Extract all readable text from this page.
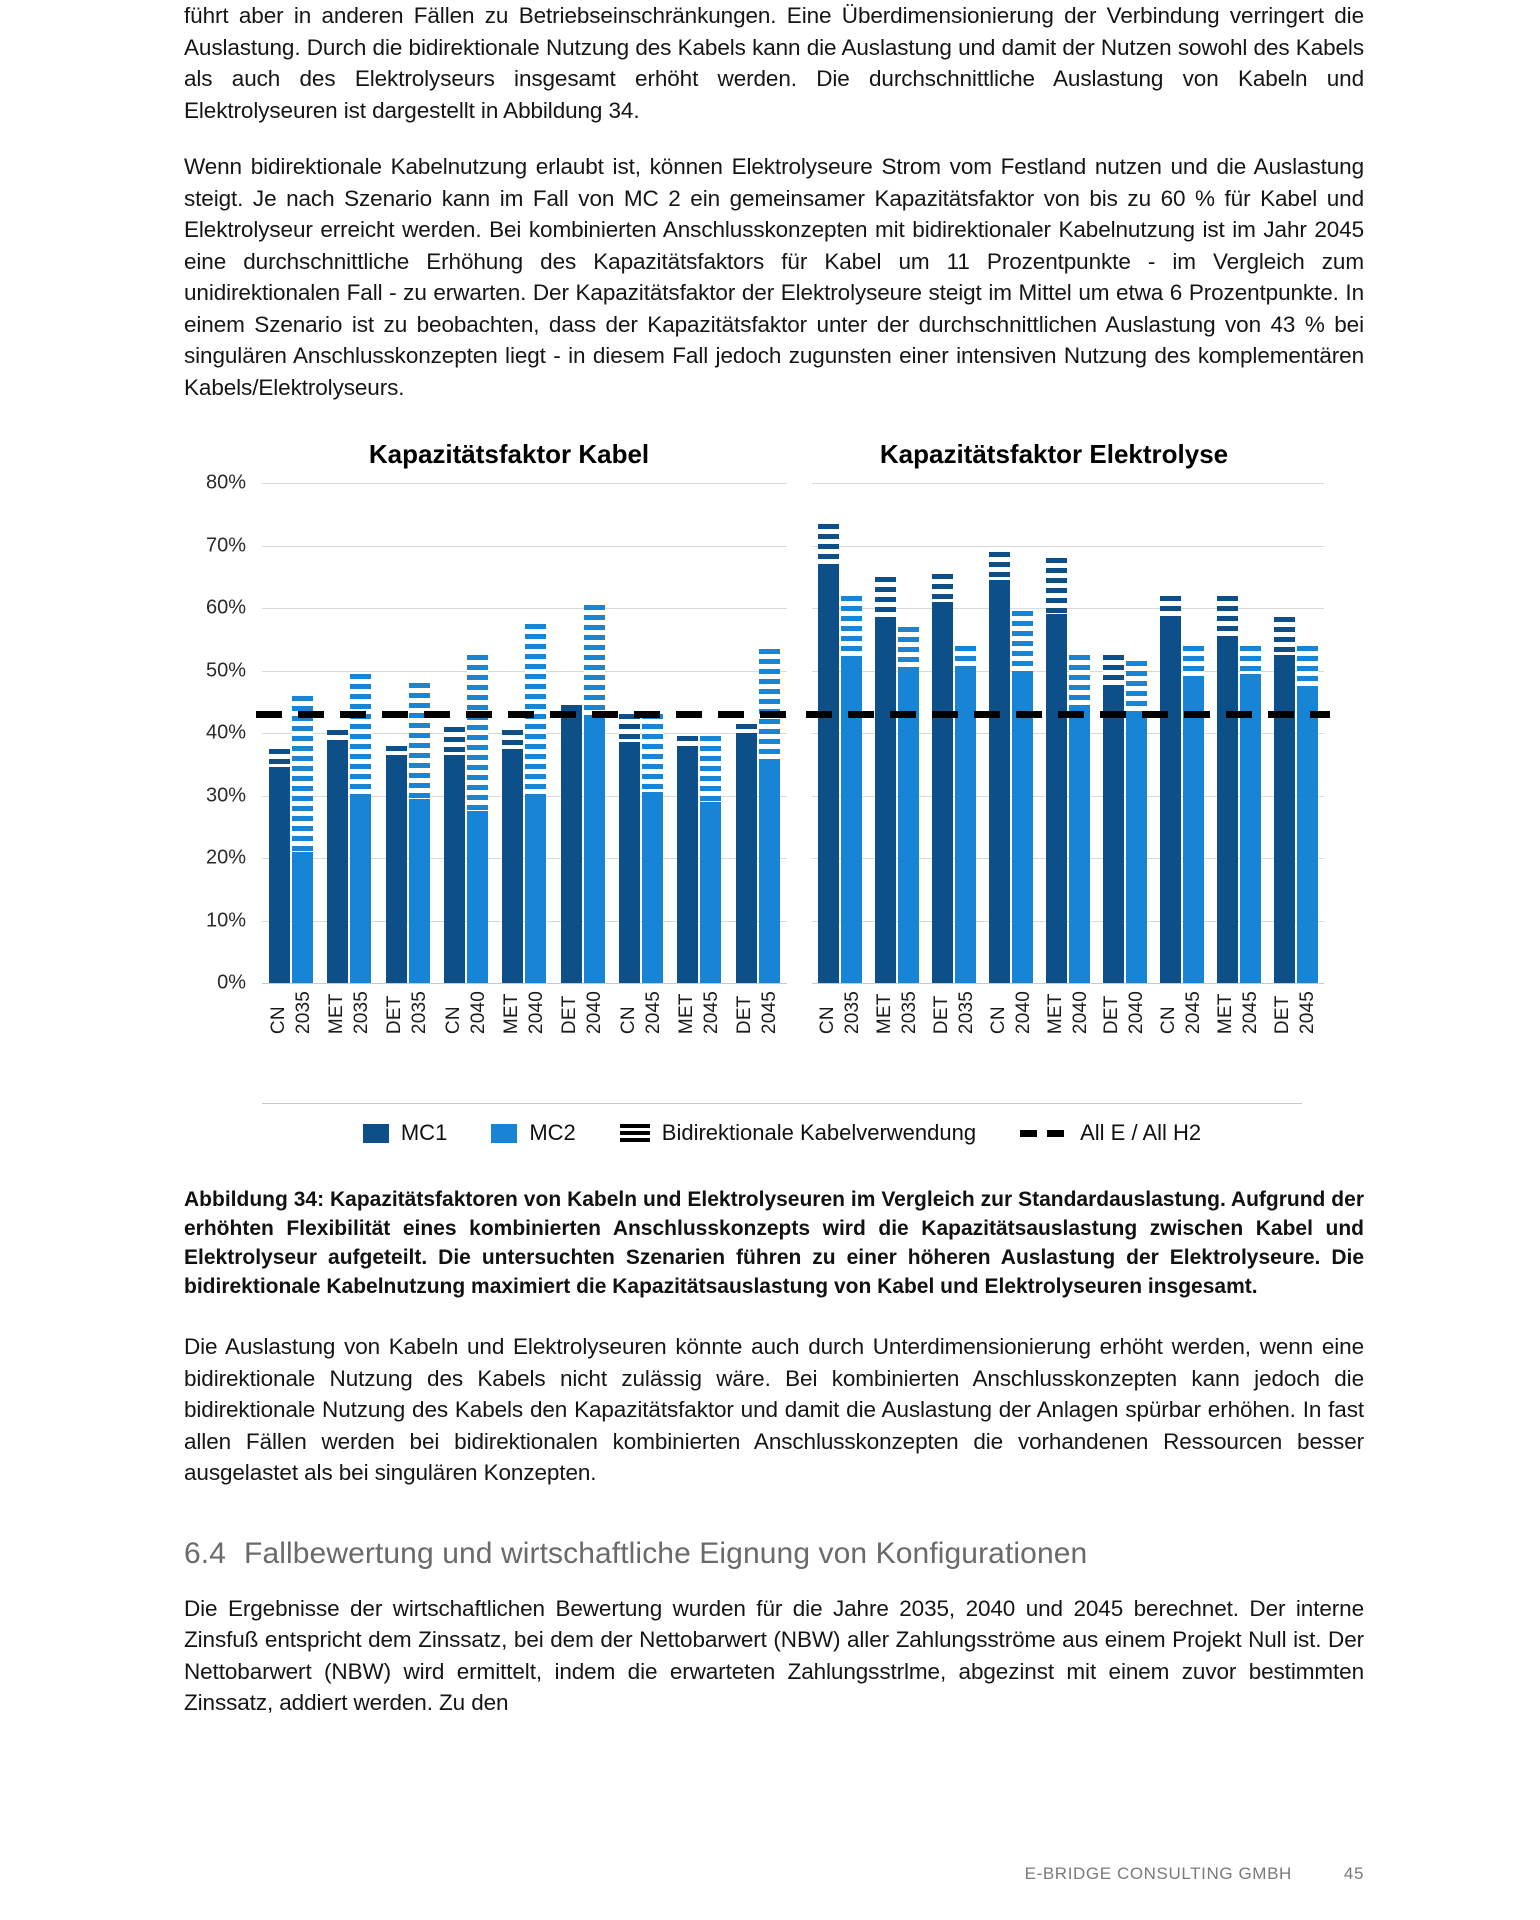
führt aber in anderen Fällen zu Betriebseinschränkungen. Eine Überdimensionierung der Verbindung verringert die Auslastung. Durch die bidirektionale Nutzung des Kabels kann die Auslastung und damit der Nutzen sowohl des Kabels als auch des Elektrolyseurs insgesamt erhöht werden. Die durchschnittliche Auslastung von Kabeln und Elektrolyseuren ist dargestellt in Abbildung 34.

Wenn bidirektionale Kabelnutzung erlaubt ist, können Elektrolyseure Strom vom Festland nutzen und die Auslastung steigt. Je nach Szenario kann im Fall von MC 2 ein gemeinsamer Kapazitätsfaktor von bis zu 60 % für Kabel und Elektrolyseur erreicht werden. Bei kombinierten Anschlusskonzepten mit bidirektionaler Kabelnutzung ist im Jahr 2045 eine durchschnittliche Erhöhung des Kapazitätsfaktors für Kabel um 11 Prozentpunkte - im Vergleich zum unidirektionalen Fall - zu erwarten. Der Kapazitätsfaktor der Elektrolyseure steigt im Mittel um etwa 6 Prozentpunkte. In einem Szenario ist zu beobachten, dass der Kapazitätsfaktor unter der durchschnittlichen Auslastung von 43 % bei singulären Anschlusskonzepten liegt - in diesem Fall jedoch zugunsten einer intensiven Nutzung des komplementären Kabels/Elektrolyseurs.

Kapazitätsfaktor Kabel	Kapazitätsfaktor Elektrolyse
0%
10%
20%
30%
40%
50%
60%
70%
80%
CN 2035 MET 2035 DET 2035 CN 2040 MET 2040 DET 2040 CN 2045 MET 2045 DET 2045 CN 2035 MET 2035 DET 2035 CN 2040 MET 2040 DET 2040 CN 2045 MET 2045 DET 2045
MC1	MC2	Bidirektionale Kabelverwendung	All E / All H2

Abbildung 34: Kapazitätsfaktoren von Kabeln und Elektrolyseuren im Vergleich zur Standardauslastung. Aufgrund der erhöhten Flexibilität eines kombinierten Anschlusskonzepts wird die Kapazitätsauslastung zwischen Kabel und Elektrolyseur aufgeteilt. Die untersuchten Szenarien führen zu einer höheren Auslastung der Elektrolyseure. Die bidirektionale Kabelnutzung maximiert die Kapazitätsauslastung von Kabel und Elektrolyseuren insgesamt.

Die Auslastung von Kabeln und Elektrolyseuren könnte auch durch Unterdimensionierung erhöht werden, wenn eine bidirektionale Nutzung des Kabels nicht zulässig wäre. Bei kombinierten Anschlusskonzepten kann jedoch die bidirektionale Nutzung des Kabels den Kapazitätsfaktor und damit die Auslastung der Anlagen spürbar erhöhen. In fast allen Fällen werden bei bidirektionalen kombinierten Anschlusskonzepten die vorhandenen Ressourcen besser ausgelastet als bei singulären Konzepten.

6.4 Fallbewertung und wirtschaftliche Eignung von Konfigurationen

Die Ergebnisse der wirtschaftlichen Bewertung wurden für die Jahre 2035, 2040 und 2045 berechnet. Der interne Zinsfuß entspricht dem Zinssatz, bei dem der Nettobarwert (NBW) aller Zahlungsströme aus einem Projekt Null ist. Der Nettobarwert (NBW) wird ermittelt, indem die erwarteten Zahlungsstrlme, abgezinst mit einem zuvor bestimmten Zinssatz, addiert werden. Zu den

E-BRIDGE CONSULTING GMBH	45
